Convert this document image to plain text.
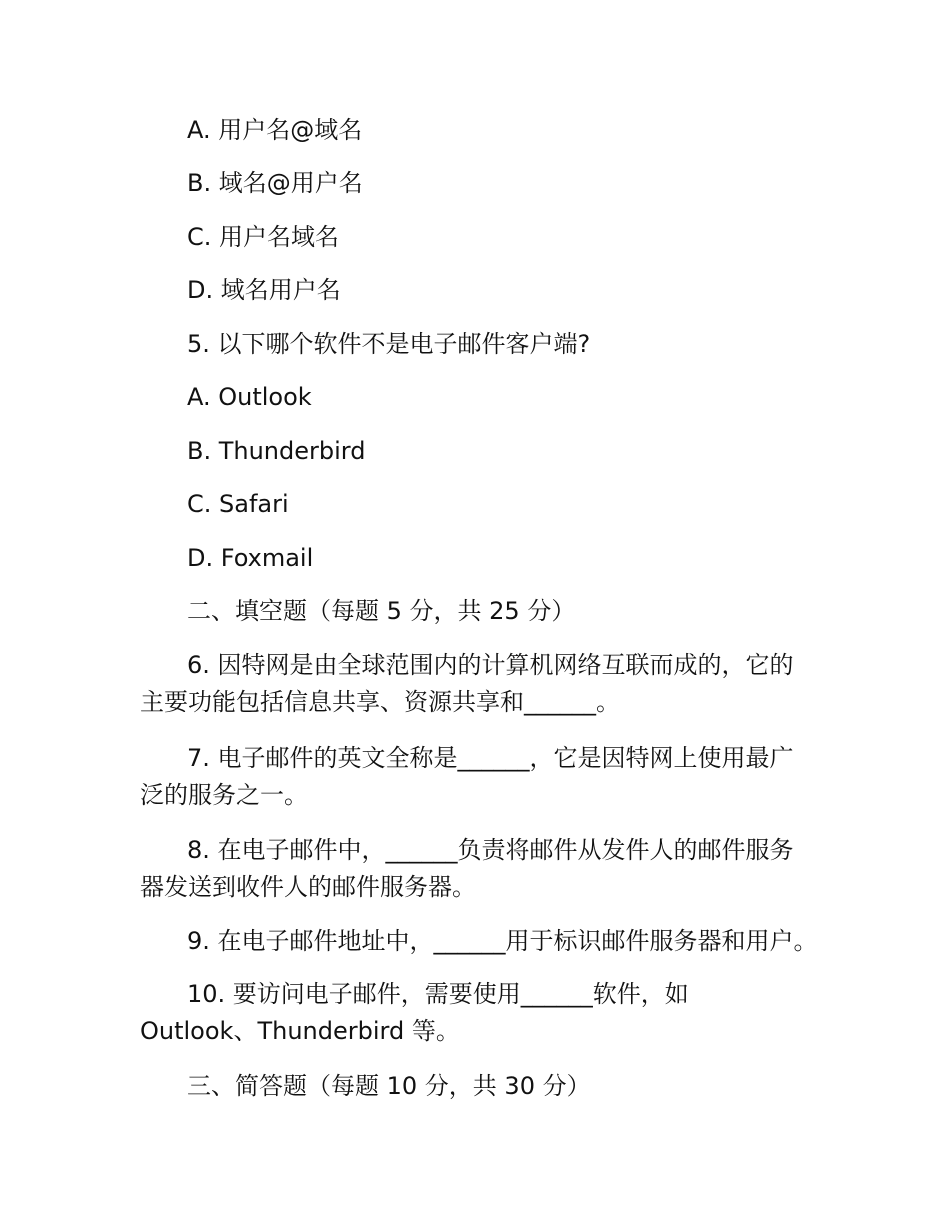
A. 用户名@域名
B. 域名@用户名
C. 用户名域名
D. 域名用户名
5. 以下哪个软件不是电子邮件客户端?
A. Outlook
B. Thunderbird
C. Safari
D. Foxmail
二、填空题（每题 5 分，共 25 分）
6. 因特网是由全球范围内的计算机网络互联而成的，它的
主要功能包括信息共享、资源共享和______。
7. 电子邮件的英文全称是______，它是因特网上使用最广
泛的服务之一。
8. 在电子邮件中，______负责将邮件从发件人的邮件服务
器发送到收件人的邮件服务器。
9. 在电子邮件地址中，______用于标识邮件服务器和用户。
10. 要访问电子邮件，需要使用______软件，如
Outlook、Thunderbird 等。
三、简答题（每题 10 分，共 30 分）
